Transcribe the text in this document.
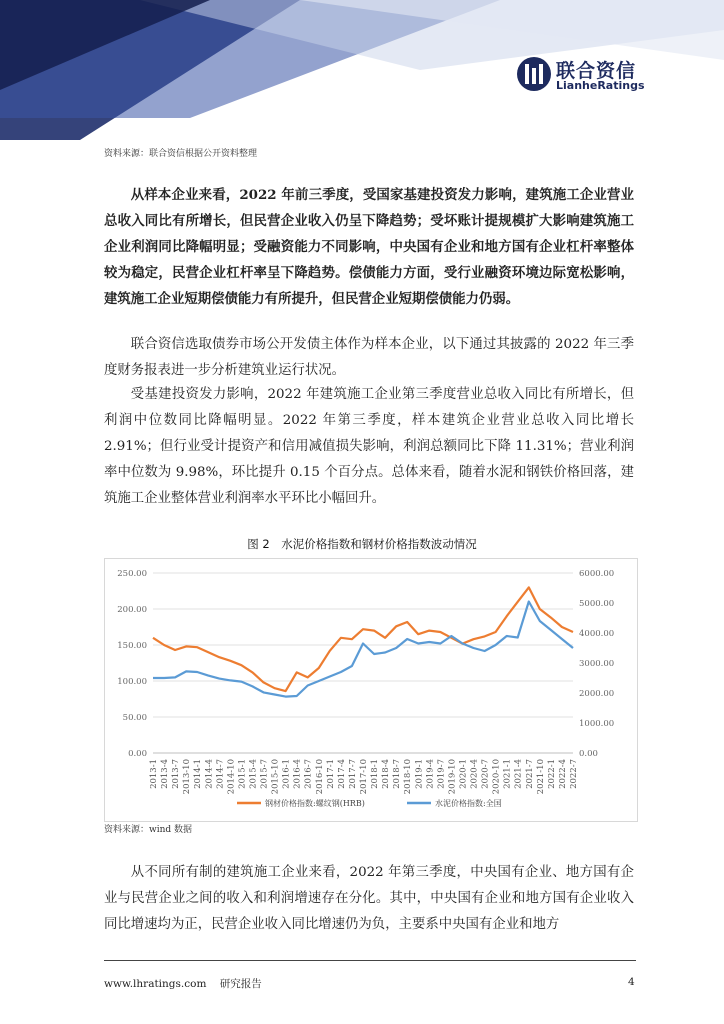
联合资信
LianheRatings
资料来源：联合资信根据公开资料整理

从样本企业来看，2022 年前三季度，受国家基建投资发力影响，建筑施工企业营业总收入同比有所增长，但民营企业收入仍呈下降趋势；受坏账计提规模扩大影响建筑施工企业利润同比降幅明显；受融资能力不同影响，中央国有企业和地方国有企业杠杆率整体较为稳定，民营企业杠杆率呈下降趋势。偿债能力方面，受行业融资环境边际宽松影响，建筑施工企业短期偿债能力有所提升，但民营企业短期偿债能力仍弱。

联合资信选取债券市场公开发债主体作为样本企业，以下通过其披露的 2022 年三季度财务报表进一步分析建筑业运行状况。

受基建投资发力影响，2022 年建筑施工企业第三季度营业总收入同比有所增长，但利润中位数同比降幅明显。2022 年第三季度，样本建筑企业营业总收入同比增长 2.91%；但行业受计提资产和信用减值损失影响，利润总额同比下降 11.31%；营业利润率中位数为 9.98%，环比提升 0.15 个百分点。总体来看，随着水泥和钢铁价格回落，建筑施工企业整体营业利润率水平环比小幅回升。

图 2　水泥价格指数和钢材价格指数波动情况
0.00
50.00
100.00
150.00
200.00
250.00
0.00
1000.00
2000.00
3000.00
4000.00
5000.00
6000.00
2013-1 2013-4 2013-7 2013-10 2014-1 2014-4 2014-7 2014-10 2015-1 2015-4 2015-7 2015-10 2016-1 2016-4 2016-7 2016-10 2017-1 2017-4 2017-7 2017-10 2018-1 2018-4 2018-7 2018-10 2019-1 2019-4 2019-7 2019-10 2020-1 2020-4 2020-7 2020-10 2021-1 2021-4 2021-7 2021-10 2022-1 2022-4 2022-7
钢材价格指数:螺纹钢(HRB)	水泥价格指数:全国
资料来源：wind 数据

从不同所有制的建筑施工企业来看，2022 年第三季度，中央国有企业、地方国有企业与民营企业之间的收入和利润增速存在分化。其中，中央国有企业和地方国有企业收入同比增速均为正，民营企业收入同比增速仍为负，主要系中央国有企业和地方

www.lhratings.com 研究报告	4
